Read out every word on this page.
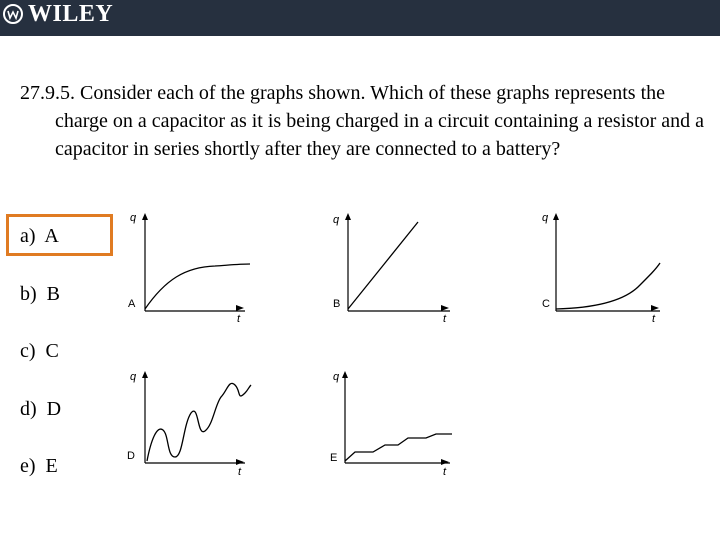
WILEY

27.9.5. Consider each of the graphs shown. Which of these graphs represents the charge on a capacitor as it is being charged in a circuit containing a resistor and a capacitor in series shortly after they are connected to a battery?

a)  A
b)  B
c)  C
d)  D
e)  E
q
t
A
q
t
B
q
t
C
q
t
D
q
t
E
